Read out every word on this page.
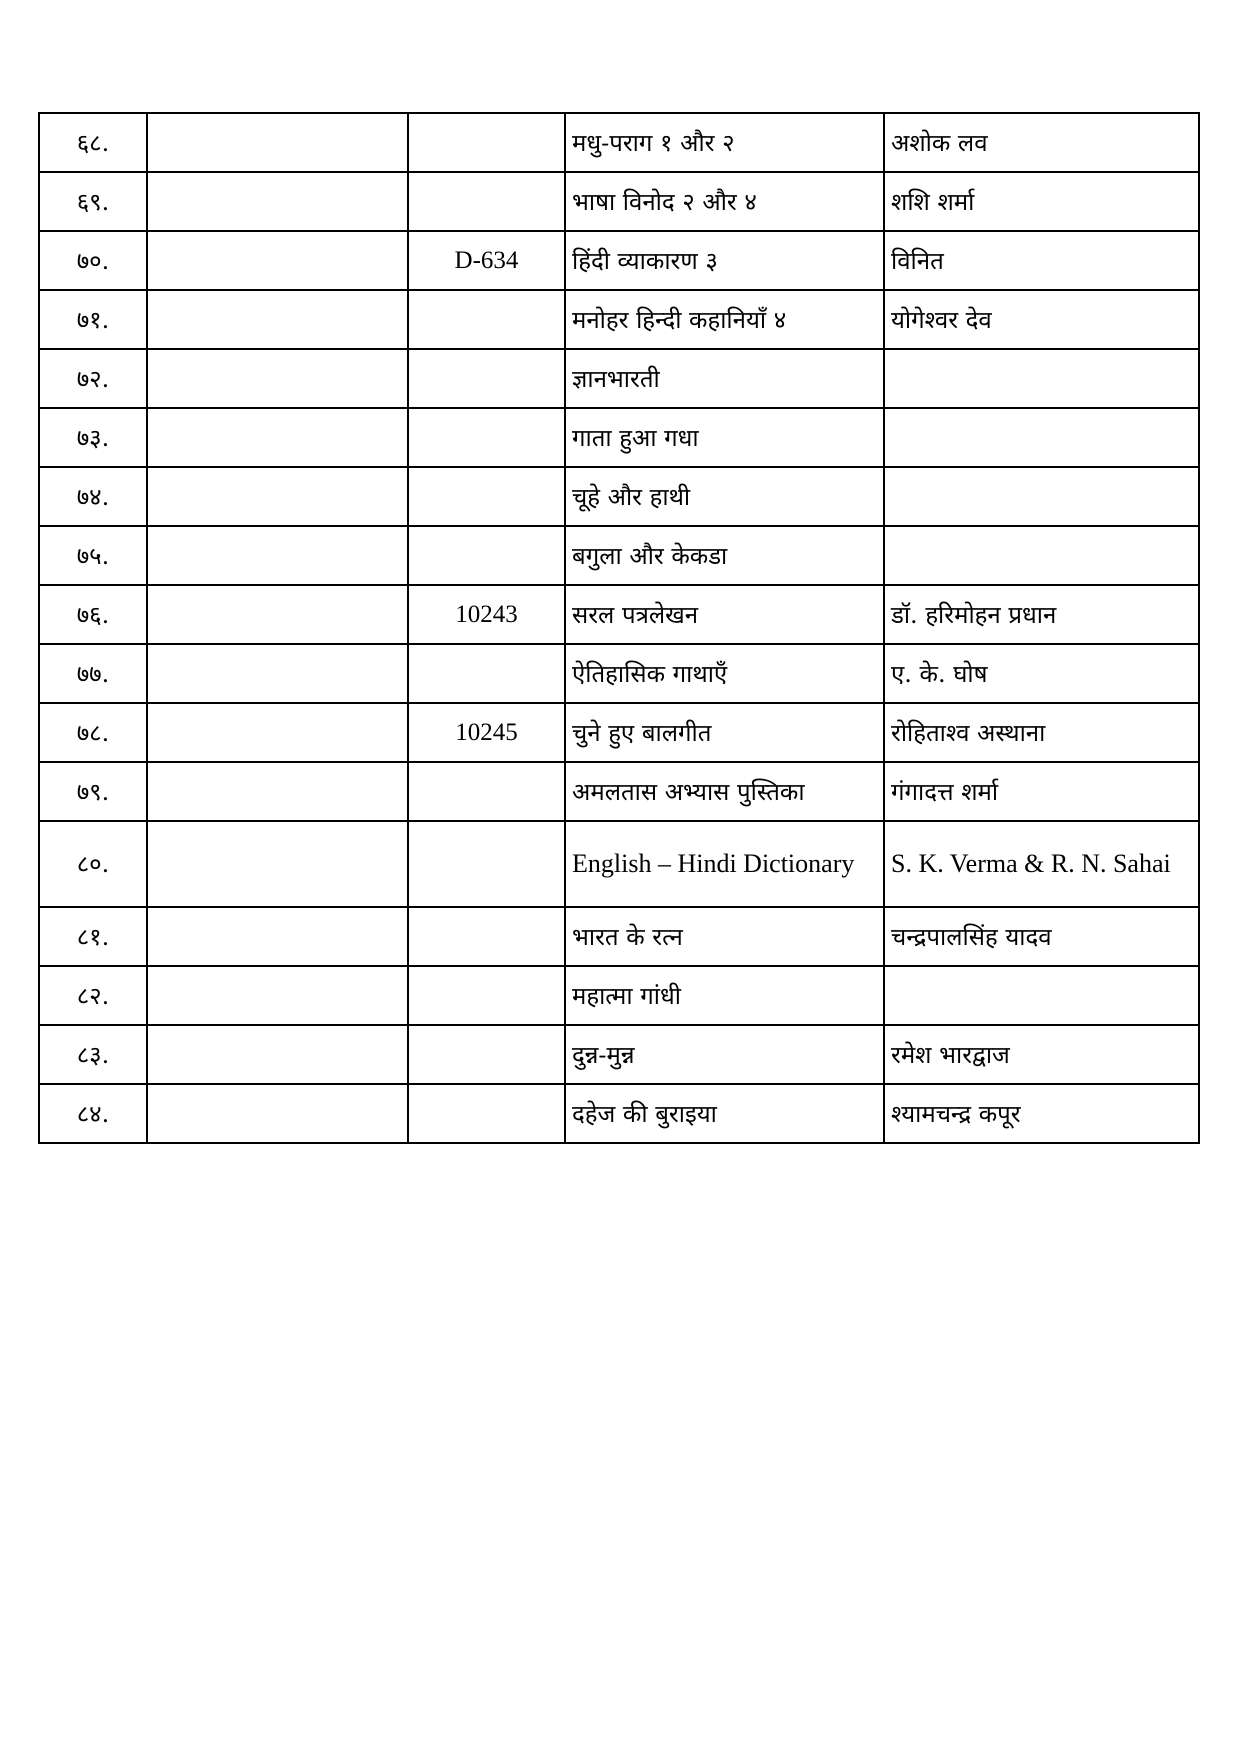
६८.			मधु-पराग १ और २	अशोक लव
६९.			भाषा विनोद २ और ४	शशि शर्मा
७०.		D-634	हिंदी व्याकारण ३	विनित
७१.			मनोहर हिन्दी कहानियॉं ४	योगेश्वर देव
७२.			ज्ञानभारती	
७३.			गाता हुआ गधा	
७४.			चूहे और हाथी	
७५.			बगुला और केकडा	
७६.		10243	सरल पत्रलेखन	डॉ. हरिमोहन प्रधान
७७.			ऐतिहासिक गाथाएँ	ए. के. घोष
७८.		10245	चुने हुए बालगीत	रोहिताश्‍व अस्थाना
७९.			अमलतास अभ्यास पुस्तिका	गंगादत्त शर्मा
८०.			English – Hindi Dictionary	S. K. Verma & R. N. Sahai

८१.			भारत के रत्न	चन्द्रपालसिंह यादव
८२.			महात्मा गांधी	
८३.			दुन्न-मुन्न	रमेश भारद्वाज
८४.			दहेज की बुराइया	श्यामचन्द्र कपूर
